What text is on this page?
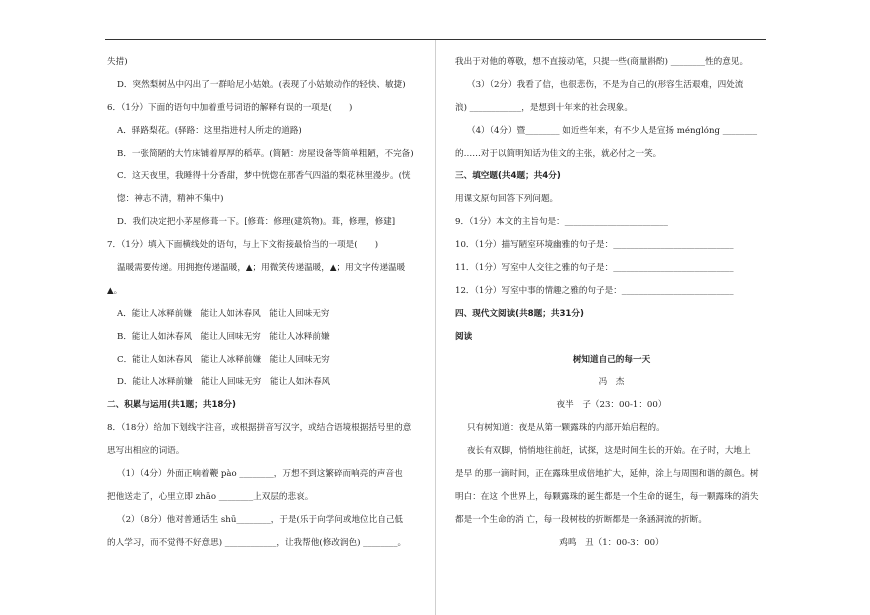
失措)
D．突然梨树丛中闪出了一群哈尼小姑娘。(表现了小姑娘动作的轻快、敏捷)
6．（1分）下面的语句中加着重号词语的解释有误的一项是(　　)
A．驿路梨花。(驿路：这里指进村人所走的道路)
B．一张简陋的大竹床铺着厚厚的稻草。(简陋：房屋设备等简单粗陋，不完备)
C．这天夜里，我睡得十分香甜，梦中恍惚在那香气四溢的梨花林里漫步。(恍
惚：神志不清，精神不集中)
D．我们决定把小茅屋修葺一下。[修葺：修理(建筑物)。葺，修理，修建]
7．（1分）填入下面横线处的语句，与上下文衔接最恰当的一项是(　　)
温暖需要传递。用拥抱传递温暖，▲；用微笑传递温暖，▲；用文字传递温暖
▲。
A．能让人冰释前嫌　能让人如沐春风　能让人回味无穷
B．能让人如沐春风　能让人回味无穷　能让人冰释前嫌
C．能让人如沐春风　能让人冰释前嫌　能让人回味无穷
D．能让人冰释前嫌　能让人回味无穷　能让人如沐春风
二、积累与运用(共1题；共18分)
8．（18分）给加下划线字注音，或根据拼音写汉字，或结合语境根据括号里的意
思写出相应的词语。
（1）（4分）外面正响着鞭 pào ________，万想不到这繁碎而响亮的声音也
把他送走了，心里立即 zhāo ________上双层的悲哀。
（2）（8分）他对普通话生 shū________，于是(乐于向学问或地位比自己低
的人学习，而不觉得不好意思) ____________，让我帮他(修改润色) ________。
我出于对他的尊敬，想不直接动笔，只提一些(商量斟酌) ________性的意见。
（3）（2分）我看了信，也很悲伤，不是为自己的(形容生活艰难，四处流
浪) ____________，是想到十年来的社会现象。
（4）（4分）暨________ 如近些年来，有不少人是宣扬 ménglóng ________
的……对于以简明知话为佳文的主张，就必付之一笑。
三、填空题(共4题；共4分)
用课文原句回答下列问题。
9．（1分）本文的主旨句是：________________________
10．（1分）描写陋室环境幽雅的句子是：____________________________
11．（1分）写室中人交往之雅的句子是：____________________________
12．（1分）写室中事的情趣之雅的句子是：__________________________
四、现代文阅读(共8题；共31分)
阅读
树知道自己的每一天
冯　杰
夜半　子（23：00-1：00）
只有树知道：夜是从第一颗露珠的内部开始启程的。
夜长有双脚，悄悄地往前赶，试探，这是时间生长的开始。在子时，大地上
是早 的那一滴时间，正在露珠里成倍地扩大，延伸，涂上与周围和谐的颜色。树
明白：在这 个世界上，每颗露珠的诞生都是一个生命的诞生，每一颗露珠的消失
都是一个生命的消 亡，每一段树枝的折断都是一条涵洞流的折断。
鸡鸣　丑（1：00-3：00）
